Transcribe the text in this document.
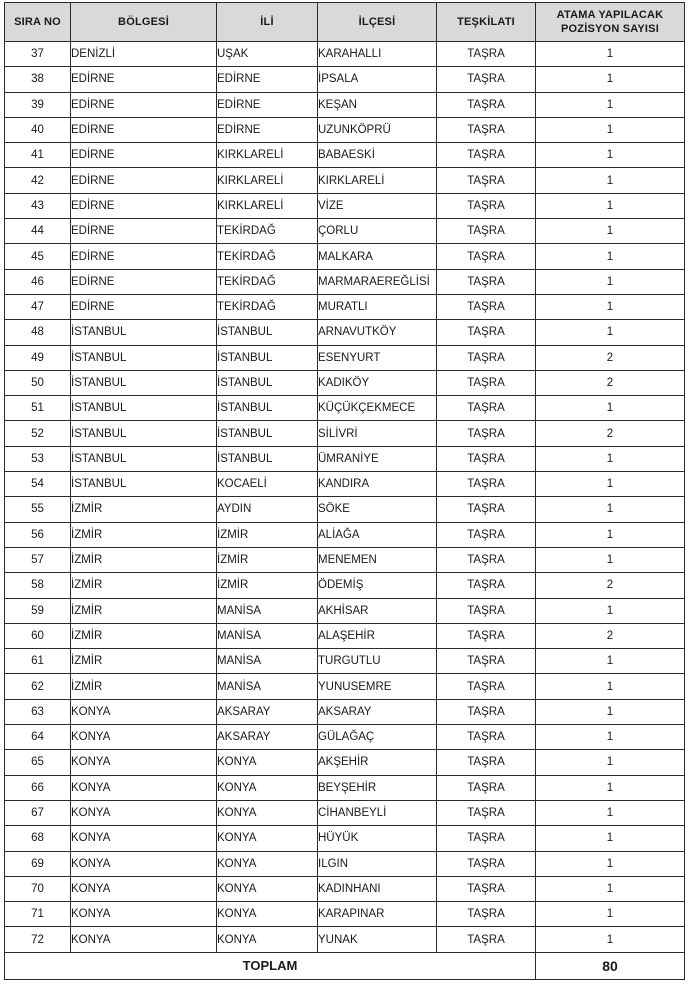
SIRA NO	BÖLGESİ	İLİ	İLÇESİ	TEŞKİLATI	ATAMA YAPILACAK
POZİSYON SAYISI
37	DENİZLİ	UŞAK	KARAHALLI	TAŞRA	1
38	EDİRNE	EDİRNE	İPSALA	TAŞRA	1
39	EDİRNE	EDİRNE	KEŞAN	TAŞRA	1
40	EDİRNE	EDİRNE	UZUNKÖPRÜ	TAŞRA	1
41	EDİRNE	KIRKLARELİ	BABAESKİ	TAŞRA	1
42	EDİRNE	KIRKLARELİ	KIRKLARELİ	TAŞRA	1
43	EDİRNE	KIRKLARELİ	VİZE	TAŞRA	1
44	EDİRNE	TEKİRDAĞ	ÇORLU	TAŞRA	1
45	EDİRNE	TEKİRDAĞ	MALKARA	TAŞRA	1
46	EDİRNE	TEKİRDAĞ	MARMARAEREĞLİSİ	TAŞRA	1
47	EDİRNE	TEKİRDAĞ	MURATLI	TAŞRA	1
48	İSTANBUL	İSTANBUL	ARNAVUTKÖY	TAŞRA	1
49	İSTANBUL	İSTANBUL	ESENYURT	TAŞRA	2
50	İSTANBUL	İSTANBUL	KADIKÖY	TAŞRA	2
51	İSTANBUL	İSTANBUL	KÜÇÜKÇEKMECE	TAŞRA	1
52	İSTANBUL	İSTANBUL	SİLİVRİ	TAŞRA	2
53	İSTANBUL	İSTANBUL	ÜMRANİYE	TAŞRA	1
54	İSTANBUL	KOCAELİ	KANDIRA	TAŞRA	1
55	İZMİR	AYDIN	SÖKE	TAŞRA	1
56	İZMİR	İZMİR	ALİAĞA	TAŞRA	1
57	İZMİR	İZMİR	MENEMEN	TAŞRA	1
58	İZMİR	İZMİR	ÖDEMİŞ	TAŞRA	2
59	İZMİR	MANİSA	AKHİSAR	TAŞRA	1
60	İZMİR	MANİSA	ALAŞEHİR	TAŞRA	2
61	İZMİR	MANİSA	TURGUTLU	TAŞRA	1
62	İZMİR	MANİSA	YUNUSEMRE	TAŞRA	1
63	KONYA	AKSARAY	AKSARAY	TAŞRA	1
64	KONYA	AKSARAY	GÜLAĞAÇ	TAŞRA	1
65	KONYA	KONYA	AKŞEHİR	TAŞRA	1
66	KONYA	KONYA	BEYŞEHİR	TAŞRA	1
67	KONYA	KONYA	CİHANBEYLİ	TAŞRA	1
68	KONYA	KONYA	HÜYÜK	TAŞRA	1
69	KONYA	KONYA	ILGIN	TAŞRA	1
70	KONYA	KONYA	KADINHANI	TAŞRA	1
71	KONYA	KONYA	KARAPINAR	TAŞRA	1
72	KONYA	KONYA	YUNAK	TAŞRA	1
TOPLAM					80
